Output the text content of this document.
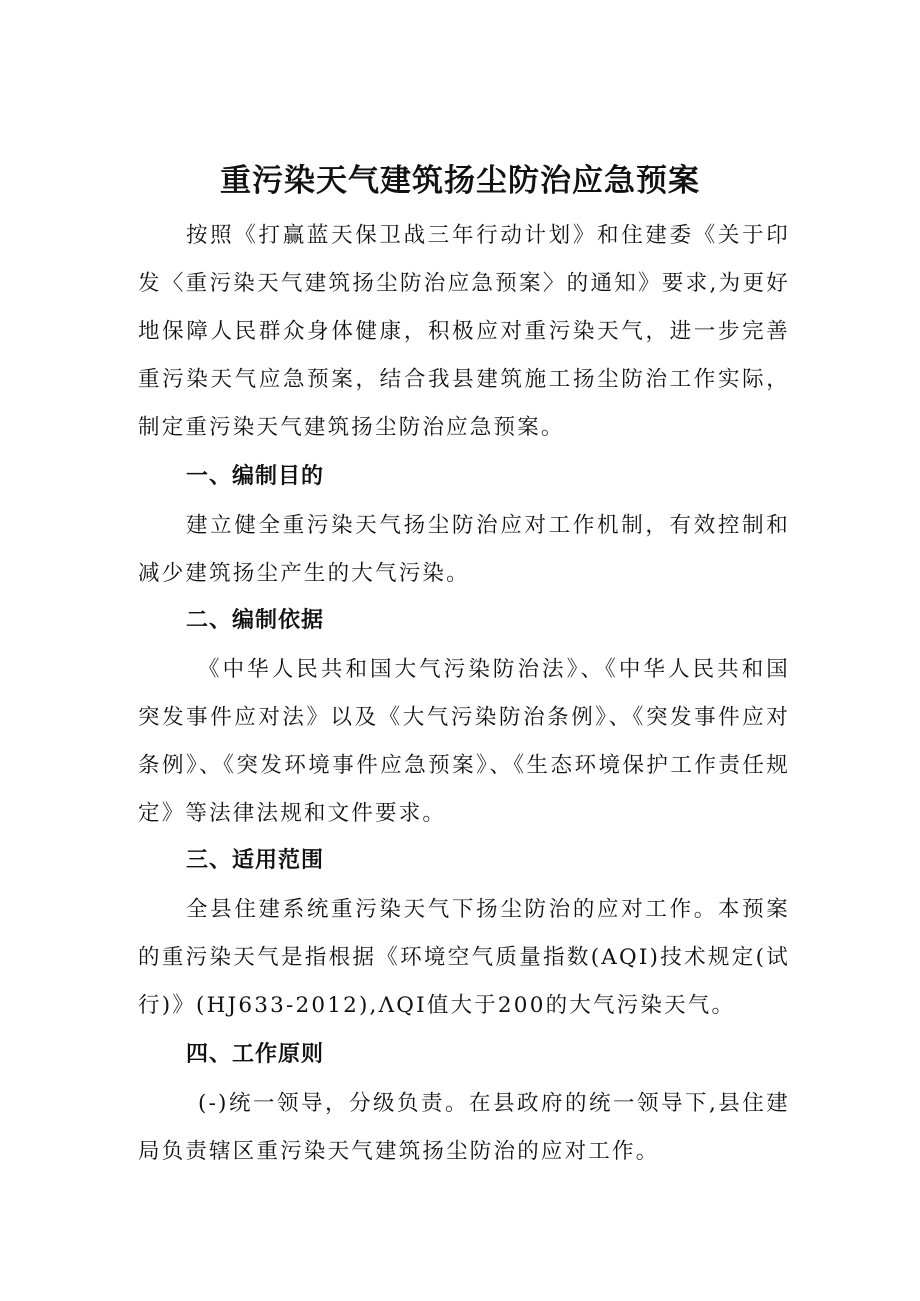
重污染天气建筑扬尘防治应急预案

按照《打赢蓝天保卫战三年行动计划》和住建委《关于印发〈重污染天气建筑扬尘防治应急预案〉的通知》要求,为更好地保障人民群众身体健康，积极应对重污染天气，进一步完善重污染天气应急预案，结合我县建筑施工扬尘防治工作实际，制定重污染天气建筑扬尘防治应急预案。

一、编制目的

建立健全重污染天气扬尘防治应对工作机制，有效控制和减少建筑扬尘产生的大气污染。

二、编制依据

《中华人民共和国大气污染防治法》、《中华人民共和国突发事件应对法》以及《大气污染防治条例》、《突发事件应对条例》、《突发环境事件应急预案》、《生态环境保护工作责任规定》等法律法规和文件要求。

三、适用范围

全县住建系统重污染天气下扬尘防治的应对工作。本预案的重污染天气是指根据《环境空气质量指数(AQI)技术规定(试行)》(HJ633-2012),ΛQI值大于200的大气污染天气。

四、工作原则

(-)统一领导，分级负责。在县政府的统一领导下,县住建局负责辖区重污染天气建筑扬尘防治的应对工作。
